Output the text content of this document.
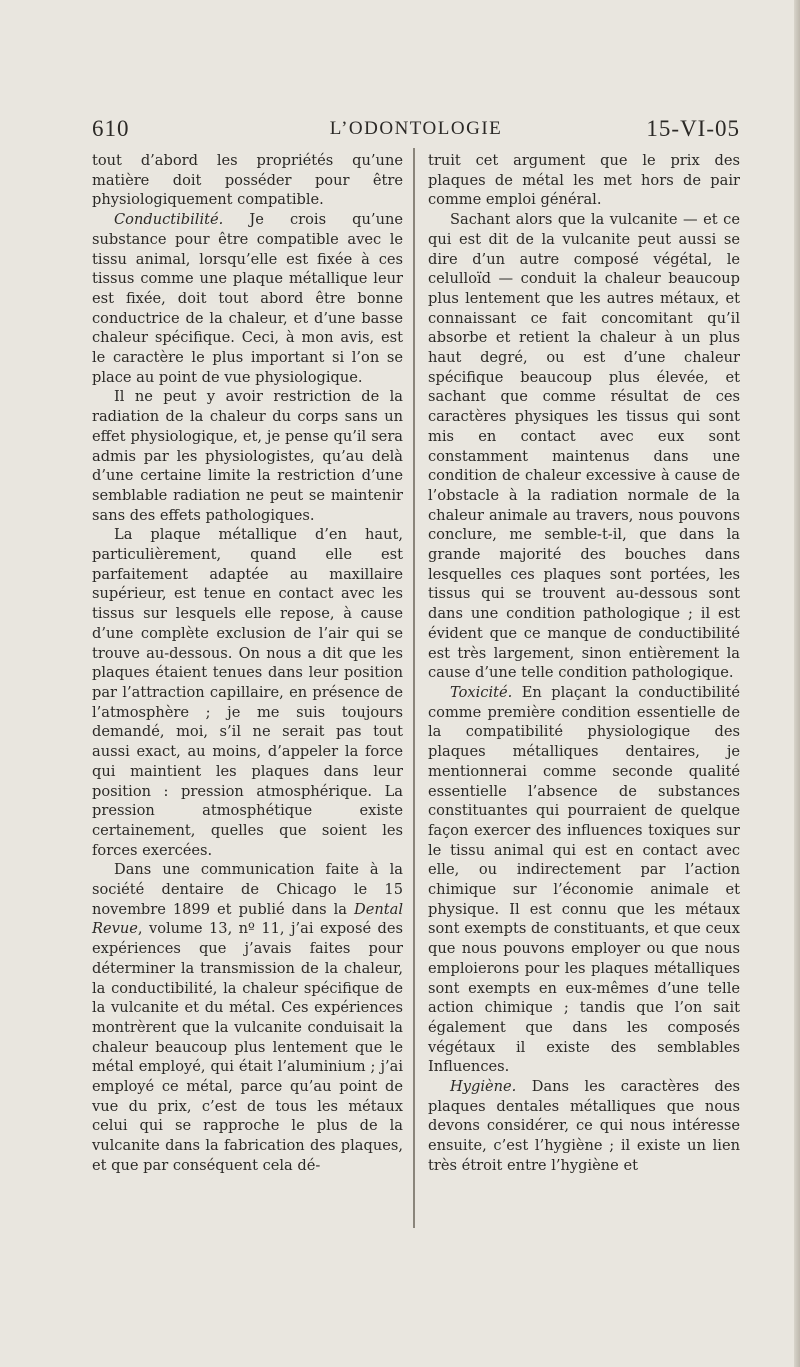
610	L’ODONTOLOGIE	15-VI-05

tout d’abord les propriétés qu’une matière doit posséder pour être physiologiquement compatible.

Conductibilité. Je crois qu’une substance pour être compatible avec le tissu animal, lorsqu’elle est fixée à ces tissus comme une plaque métallique leur est fixée, doit tout abord être bonne conductrice de la chaleur, et d’une basse chaleur spécifique. Ceci, à mon avis, est le caractère le plus important si l’on se place au point de vue physiologique.

Il ne peut y avoir restriction de la radiation de la chaleur du corps sans un effet physiologique, et, je pense qu’il sera admis par les physiologistes, qu’au delà d’une certaine limite la restriction d’une semblable radiation ne peut se maintenir sans des effets pathologiques.

La plaque métallique d’en haut, particulièrement, quand elle est parfaitement adaptée au maxillaire supérieur, est tenue en contact avec les tissus sur lesquels elle repose, à cause d’une complète exclusion de l’air qui se trouve au-dessous. On nous a dit que les plaques étaient tenues dans leur position par l’attraction capillaire, en présence de l’atmosphère ; je me suis toujours demandé, moi, s’il ne serait pas tout aussi exact, au moins, d’appeler la force qui maintient les plaques dans leur position : pression atmosphérique. La pression atmosphétique existe certainement, quelles que soient les forces exercées.

Dans une communication faite à la société dentaire de Chicago le 15 novembre 1899 et publié dans la Dental Revue, volume 13, nº 11, j’ai exposé des expériences que j’avais faites pour déterminer la transmission de la chaleur, la conductibilité, la chaleur spécifique de la vulcanite et du métal. Ces expériences montrèrent que la vulcanite conduisait la chaleur beaucoup plus lentement que le métal employé, qui était l’aluminium ; j’ai employé ce métal, parce qu’au point de vue du prix, c’est de tous les métaux celui qui se rapproche le plus de la vulcanite dans la fabrication des plaques, et que par conséquent cela dé-

truit cet argument que le prix des plaques de métal les met hors de pair comme emploi général.

Sachant alors que la vulcanite — et ce qui est dit de la vulcanite peut aussi se dire d’un autre composé végétal, le celulloïd — conduit la chaleur beaucoup plus lentement que les autres métaux, et connaissant ce fait concomitant qu’il absorbe et retient la chaleur à un plus haut degré, ou est d’une chaleur spécifique beaucoup plus élevée, et sachant que comme résultat de ces caractères physiques les tissus qui sont mis en contact avec eux sont constamment maintenus dans une condition de chaleur excessive à cause de l’obstacle à la radiation normale de la chaleur animale au travers, nous pouvons conclure, me semble-t-il, que dans la grande majorité des bouches dans lesquelles ces plaques sont portées, les tissus qui se trouvent au-dessous sont dans une condition pathologique ; il est évident que ce manque de conductibilité est très largement, sinon entièrement la cause d’une telle condition pathologique.

Toxicité. En plaçant la conductibilité comme première condition essentielle de la compatibilité physiologique des plaques métalliques dentaires, je mentionnerai comme seconde qualité essentielle l’absence de substances constituantes qui pourraient de quelque façon exercer des influences toxiques sur le tissu animal qui est en contact avec elle, ou indirectement par l’action chimique sur l’économie animale et physique. Il est connu que les métaux sont exempts de constituants, et que ceux que nous pouvons employer ou que nous emploierons pour les plaques métalliques sont exempts en eux-mêmes d’une telle action chimique ; tandis que l’on sait également que dans les composés végétaux il existe des semblables Influences.

Hygiène. Dans les caractères des plaques dentales métalliques que nous devons considérer, ce qui nous intéresse ensuite, c’est l’hygiène ; il existe un lien très étroit entre l’hygiène et
